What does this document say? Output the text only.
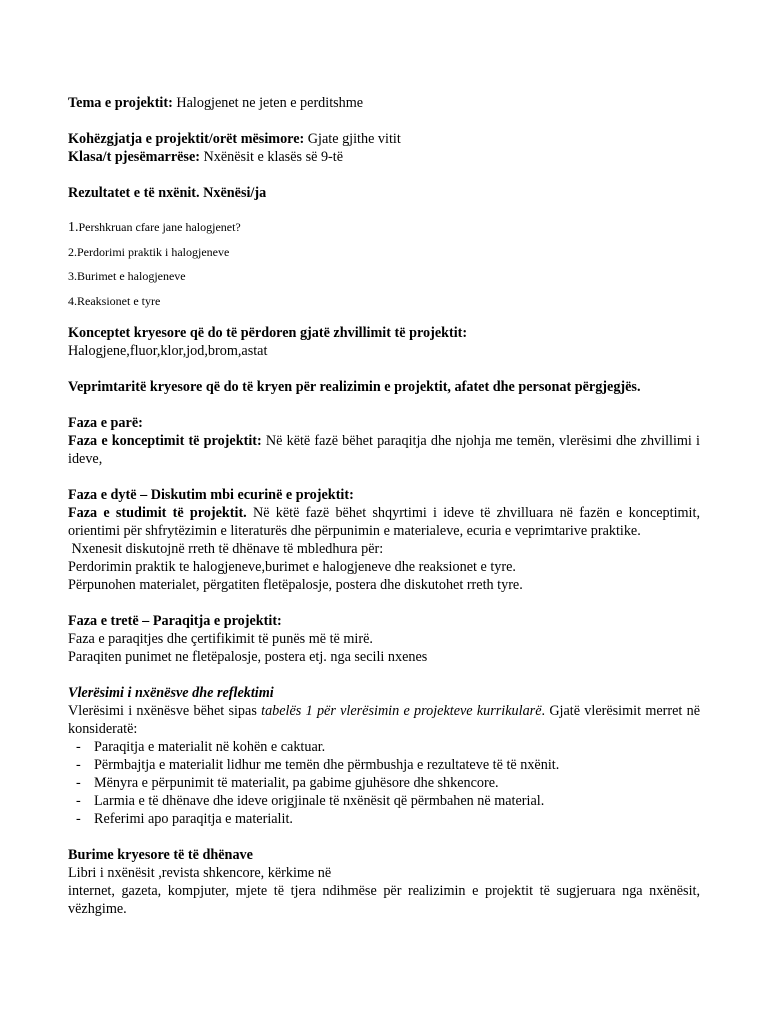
Tema e projektit: Halogjenet ne jeten e perditshme

Kohëzgjatja e projektit/orët mësimore: Gjate gjithe vitit

Klasa/t pjesëmarrëse: Nxënësit e klasës së 9-të

Rezultatet e të nxënit. Nxënësi/ja

1.Pershkruan cfare jane halogjenet?
2.Perdorimi praktik i halogjeneve
3.Burimet e halogjeneve
4.Reaksionet e tyre

Konceptet kryesore që do të përdoren gjatë zhvillimit të projektit:

Halogjene,fluor,klor,jod,brom,astat

Veprimtaritë kryesore që do të kryen për realizimin e projektit, afatet dhe personat përgjegjës.

Faza e parë:

Faza e konceptimit të projektit: Në këtë fazë bëhet paraqitja dhe njohja me temën, vlerësimi dhe zhvillimi i ideve,

Faza e dytë – Diskutim mbi ecurinë e projektit:

Faza e studimit të projektit. Në këtë fazë bëhet shqyrtimi i ideve të zhvilluara në fazën e konceptimit, orientimi për shfrytëzimin e literaturës dhe përpunimin e materialeve, ecuria e veprimtarive praktike.

Nxenesit diskutojnë rreth të dhënave të mbledhura për:

Perdorimin praktik te halogjeneve,burimet e halogjeneve dhe reaksionet e tyre.

Përpunohen materialet, përgatiten fletëpalosje, postera dhe diskutohet rreth tyre.

Faza e tretë – Paraqitja e projektit:

Faza e paraqitjes dhe çertifikimit të punës më të mirë.

Paraqiten punimet ne fletëpalosje, postera etj. nga secili nxenes

Vlerësimi i nxënësve dhe reflektimi

Vlerësimi i nxënësve bëhet sipas tabelës 1 për vlerësimin e projekteve kurrikularë. Gjatë vlerësimit merret në konsideratë:

- Paraqitja e materialit në kohën e caktuar.
- Përmbajtja e materialit lidhur me temën dhe përmbushja e rezultateve të të nxënit.
- Mënyra e përpunimit të materialit, pa gabime gjuhësore dhe shkencore.
- Larmia e të dhënave dhe ideve origjinale të nxënësit që përmbahen në material.
- Referimi apo paraqitja e materialit.

Burime kryesore të të dhënave

Libri i nxënësit ,revista shkencore, kërkime në

internet, gazeta, kompjuter, mjete të tjera ndihmëse për realizimin e projektit të sugjeruara nga nxënësit, vëzhgime.
